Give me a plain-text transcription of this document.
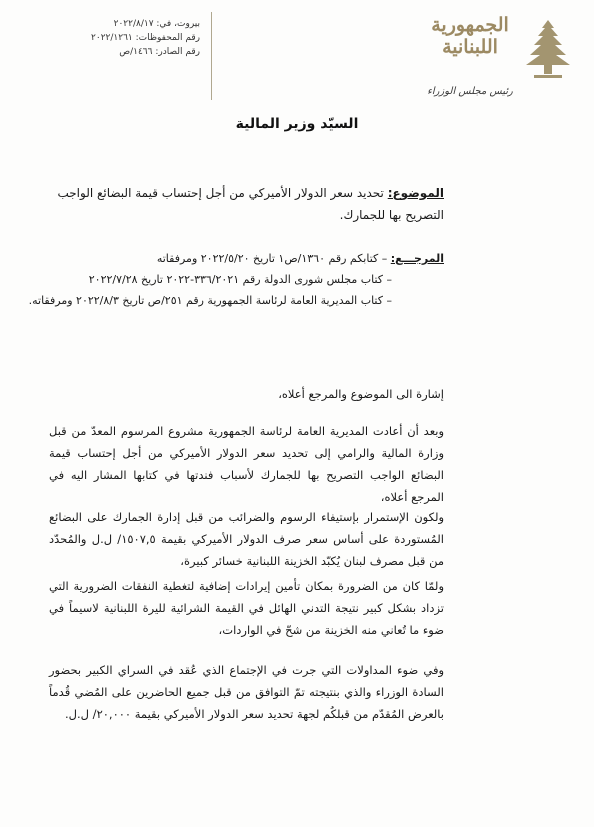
الجمهورية اللبنانية
رئيس مجلس الوزراء
بيروت، في: ٢٠٢٢/٨/١٧
رقم المحفوظات: ٢٠٢٢/١٢٦١
رقم الصادر: ١٤٦٦/ص
السيّد وزير المالية
الموضوع: تحديد سعر الدولار الأميركي من أجل إحتساب قيمة البضائع الواجب التصريح بها للجمارك.
المرجـــع: – كتابكم رقم ١٣٦٠/ص١ تاريخ ٢٠٢٢/٥/٢٠ ومرفقاته
– كتاب مجلس شورى الدولة رقم ٣٣٦/٢٠٢١-٢٠٢٢ تاريخ ٢٠٢٢/٧/٢٨
– كتاب المديرية العامة لرئاسة الجمهورية رقم ٢٥١/ص تاريخ ٢٠٢٢/٨/٣ ومرفقاته.
إشارة الى الموضوع والمرجع أعلاه،
وبعد أن أعادت المديرية العامة لرئاسة الجمهورية مشروع المرسوم المعدّ من قبل وزارة المالية والرامي إلى تحديد سعر الدولار الأميركي من أجل إحتساب قيمة البضائع الواجب التصريح بها للجمارك لأسباب فندتها في كتابها المشار اليه في المرجع أعلاه،
ولكون الإستمرار بإستيفاء الرسوم والضرائب من قبل إدارة الجمارك على البضائع المُستوردة على أساس سعر صرف الدولار الأميركي بقيمة ١٥٠٧,٥/ ل.ل والمُحدّد من قبل مصرف لبنان يُكبّد الخزينة اللبنانية خسائر كبيرة،
ولمّا كان من الضرورة بمكان تأمين إيرادات إضافية لتغطية النفقات الضرورية التي تزداد بشكل كبير نتيجة التدني الهائل في القيمة الشرائية لليرة اللبنانية لاسيماً في ضوء ما تُعاني منه الخزينة من شحّ في الواردات،
وفي ضوء المداولات التي جرت في الإجتماع الذي عُقد في السراي الكبير بحضور السادة الوزراء والذي بنتيجته تمّ التوافق من قبل جميع الحاضرين على المُضي قُدماً بالعرض المُقدّم من قبلكُم لجهة تحديد سعر الدولار الأميركي بقيمة ٢٠,٠٠٠/ ل.ل.
